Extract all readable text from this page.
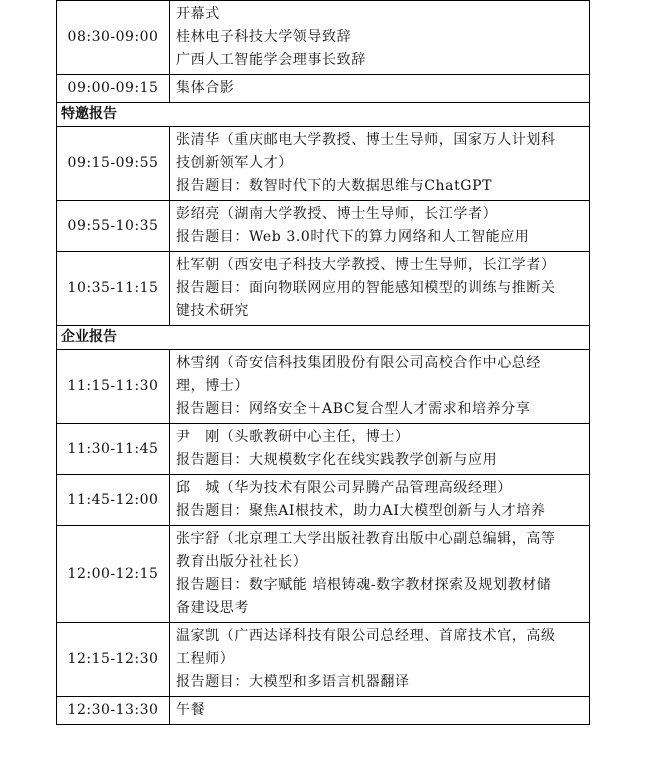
08:30-09:00	开幕式
桂林电子科技大学领导致辞
广西人工智能学会理事长致辞

09:00-09:15	集体合影

特邀报告	
09:15-09:55	张清华（重庆邮电大学教授、博士生导师，国家万人计划科
技创新领军人才）
报告题目：数智时代下的大数据思维与ChatGPT

09:55-10:35	彭绍亮（湖南大学教授、博士生导师，长江学者）
报告题目：Web 3.0时代下的算力网络和人工智能应用

10:35-11:15	杜军朝（西安电子科技大学教授、博士生导师，长江学者）
报告题目：面向物联网应用的智能感知模型的训练与推断关
键技术研究

企业报告	
11:15-11:30	林雪纲（奇安信科技集团股份有限公司高校合作中心总经
理，博士）
报告题目：网络安全＋ABC复合型人才需求和培养分享

11:30-11:45	尹　刚（头歌教研中心主任，博士）
报告题目：大规模数字化在线实践教学创新与应用

11:45-12:00	邱　城（华为技术有限公司昇腾产品管理高级经理）
报告题目：聚焦AI根技术，助力AI大模型创新与人才培养

12:00-12:15	张宇舒（北京理工大学出版社教育出版中心副总编辑，高等
教育出版分社社长）
报告题目：数字赋能 培根铸魂-数字教材探索及规划教材储
备建设思考

12:15-12:30	温家凯（广西达译科技有限公司总经理、首席技术官，高级
工程师）
报告题目：大模型和多语言机器翻译

12:30-13:30	午餐
